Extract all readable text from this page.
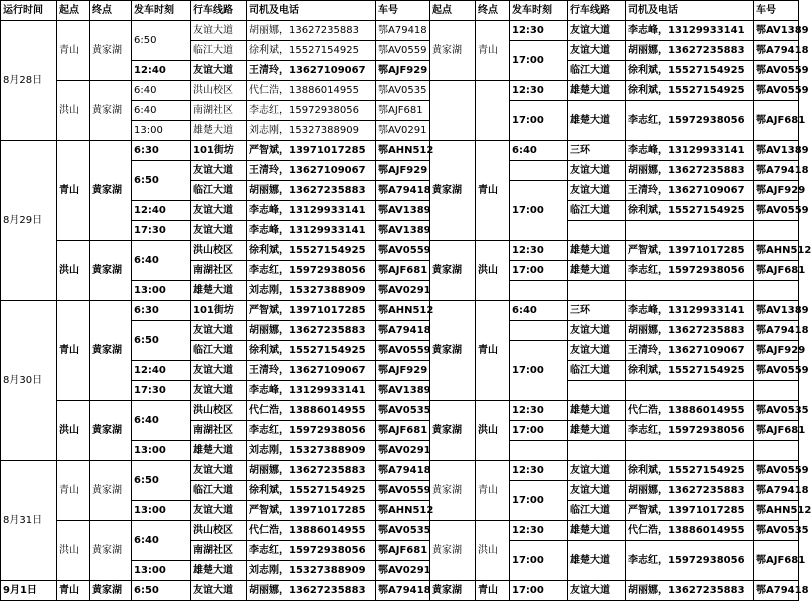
运行时间	起点	终点	发车时刻	行车线路	司机及电话	车号	起点	终点	发车时刻	行车线路	司机及电话	车号
8月28日	青山	黄家湖	6:50	友谊大道	胡丽娜，13627235883	鄂A79418	黄家湖	青山	12:30	友谊大道	李志峰，13129933141	鄂AV1389
				临江大道	徐利斌，15527154925	鄂AV0559			17:00	友谊大道	胡丽娜，13627235883	鄂A79418
			12:40	友谊大道	王清玲，13627109067	鄂AJF929				临江大道	徐利斌，15527154925	鄂AV0559
	洪山	黄家湖	6:40	洪山校区	代仁浩，13886014955	鄂AV0535			12:30	雄楚大道	徐利斌，15527154925	鄂AV0559
			6:40	南湖社区	李志红，15972938056	鄂AJF681			17:00	雄楚大道	李志红，15972938056	鄂AJF681
			13:00	雄楚大道	刘志刚，15327388909	鄂AV0291						
8月29日	青山	黄家湖	6:30	101街坊	严智斌，13971017285	鄂AHN512	黄家湖	青山	6:40	三环	李志峰，13129933141	鄂AV1389
			6:50	友谊大道	王清玲，13627109067	鄂AJF929				友谊大道	胡丽娜，13627235883	鄂A79418
				临江大道	胡丽娜，13627235883	鄂A79418			17:00	友谊大道	王清玲，13627109067	鄂AJF929
			12:40	友谊大道	李志峰，13129933141	鄂AV1389				临江大道	徐利斌，15527154925	鄂AV0559
			17:30	友谊大道	李志峰，13129933141	鄂AV1389						
	洪山	黄家湖	6:40	洪山校区	徐利斌，15527154925	鄂AV0559	黄家湖	洪山	12:30	雄楚大道	严智斌，13971017285	鄂AHN512
				南湖社区	李志红，15972938056	鄂AJF681			17:00	雄楚大道	李志红，15972938056	鄂AJF681
			13:00	雄楚大道	刘志刚，15327388909	鄂AV0291						
8月30日	青山	黄家湖	6:30	101街坊	严智斌，13971017285	鄂AHN512	黄家湖	青山	6:40	三环	李志峰，13129933141	鄂AV1389
			6:50	友谊大道	胡丽娜，13627235883	鄂A79418				友谊大道	胡丽娜，13627235883	鄂A79418
				临江大道	徐利斌，15527154925	鄂AV0559			17:00	友谊大道	王清玲，13627109067	鄂AJF929
			12:40	友谊大道	王清玲，13627109067	鄂AJF929				临江大道	徐利斌，15527154925	鄂AV0559
			17:30	友谊大道	李志峰，13129933141	鄂AV1389						
	洪山	黄家湖	6:40	洪山校区	代仁浩，13886014955	鄂AV0535	黄家湖	洪山	12:30	雄楚大道	代仁浩，13886014955	鄂AV0535
				南湖社区	李志红，15972938056	鄂AJF681			17:00	雄楚大道	李志红，15972938056	鄂AJF681
			13:00	雄楚大道	刘志刚，15327388909	鄂AV0291						
8月31日	青山	黄家湖	6:50	友谊大道	胡丽娜，13627235883	鄂A79418	黄家湖	青山	12:30	友谊大道	徐利斌，15527154925	鄂AV0559
				临江大道	徐利斌，15527154925	鄂AV0559			17:00	友谊大道	胡丽娜，13627235883	鄂A79418
			13:00	友谊大道	严智斌，13971017285	鄂AHN512				临江大道	严智斌，13971017285	鄂AHN512
	洪山	黄家湖	6:40	洪山校区	代仁浩，13886014955	鄂AV0535	黄家湖	洪山	12:30	雄楚大道	代仁浩，13886014955	鄂AV0535
				南湖社区	李志红，15972938056	鄂AJF681			17:00	雄楚大道	李志红，15972938056	鄂AJF681
			13:00	雄楚大道	刘志刚，15327388909	鄂AV0291						
9月1日	青山	黄家湖	6:50	友谊大道	胡丽娜，13627235883	鄂A79418	黄家湖	青山	17:00	友谊大道	胡丽娜，13627235883	鄂A79418
